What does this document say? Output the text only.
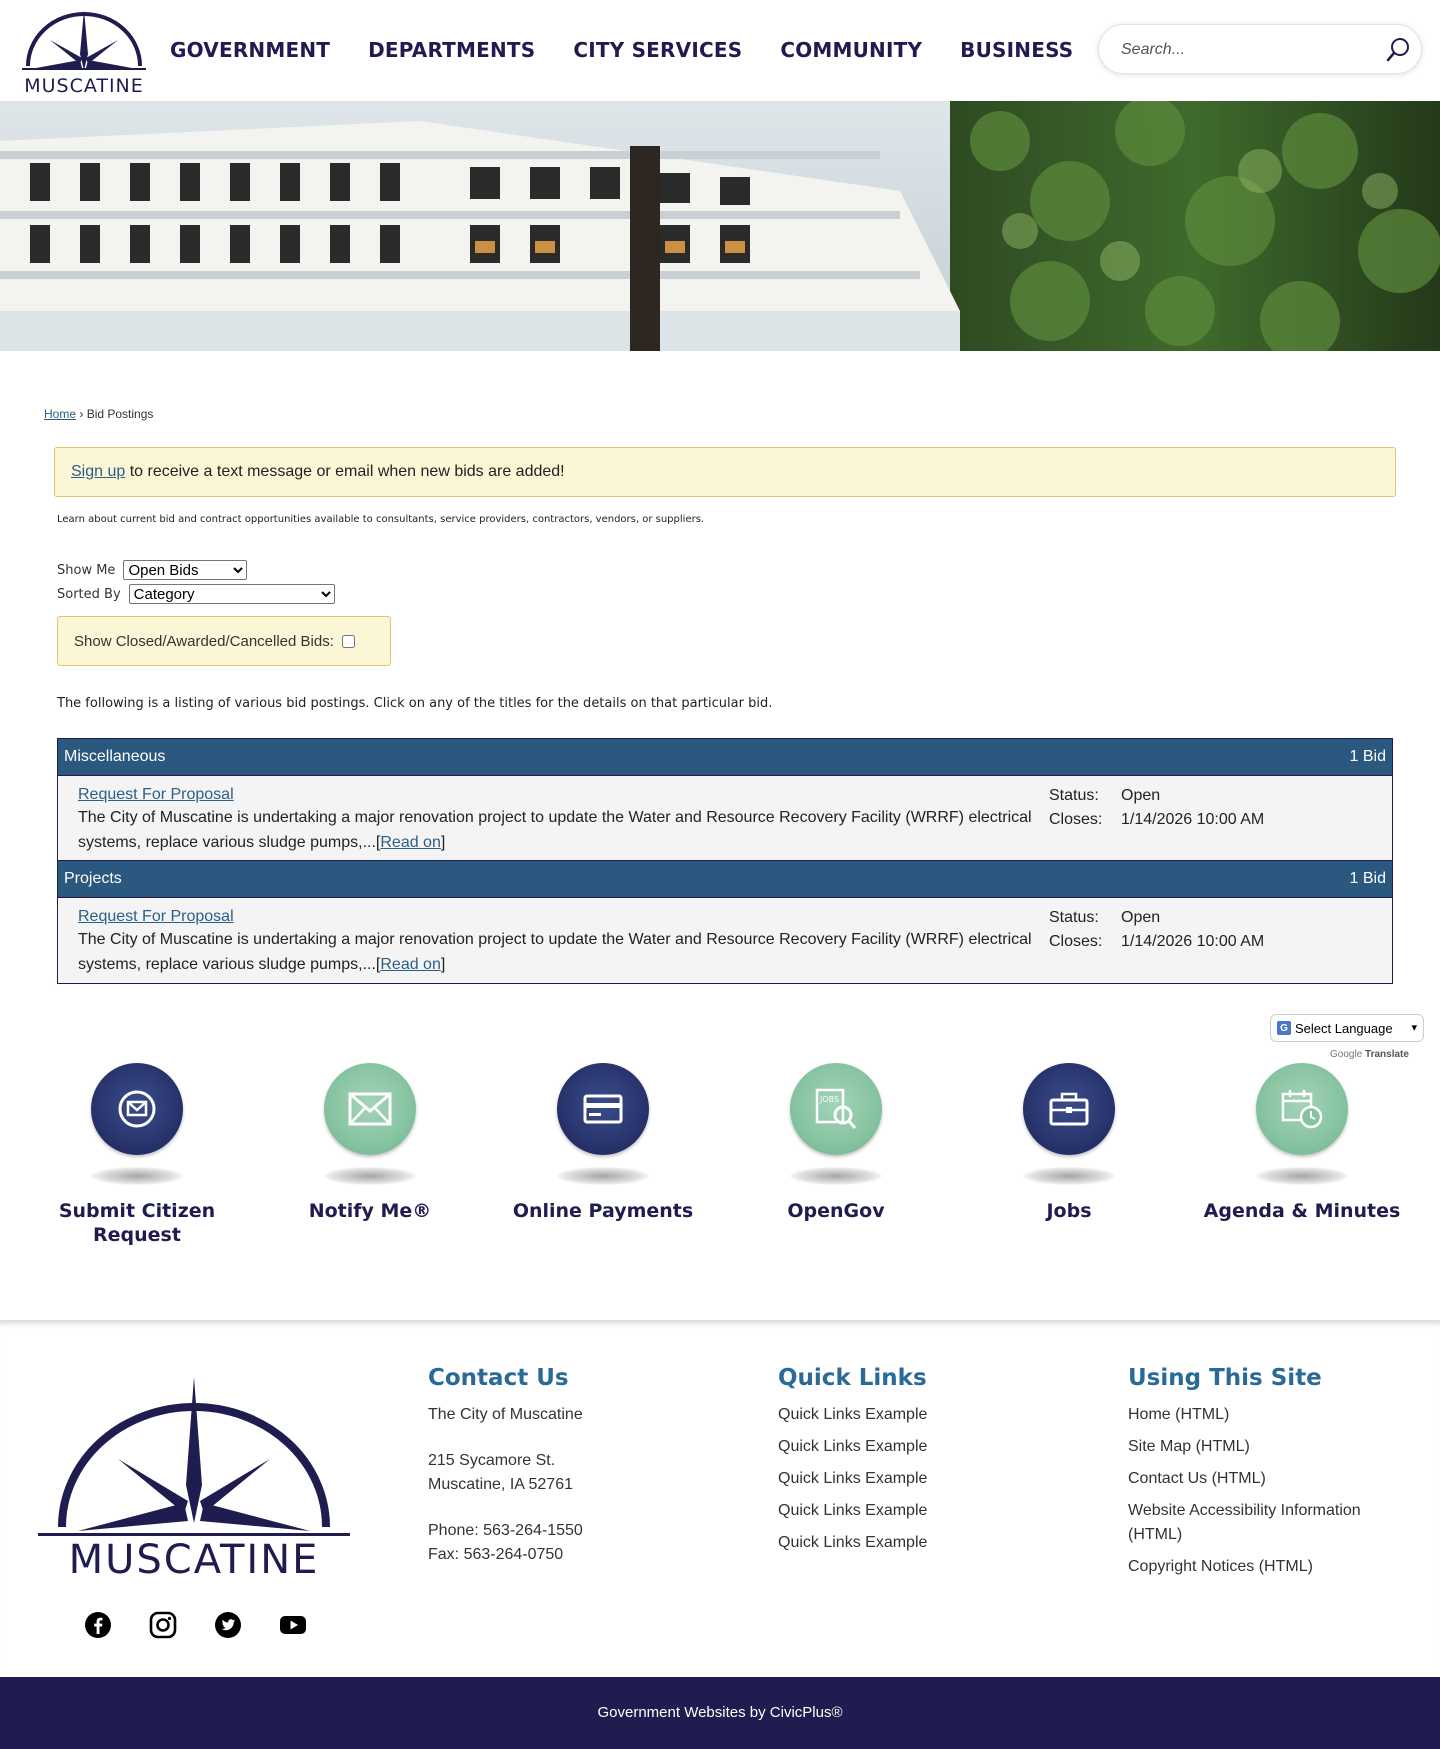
MUSCATINE
GOVERNMENT DEPARTMENTS CITY SERVICES COMMUNITY BUSINESS
Search...
Home › Bid Postings
Sign up to receive a text message or email when new bids are added!
Learn about current bid and contract opportunities available to consultants, service providers, contractors, vendors, or suppliers.
Show Me
Open Bids
Sorted By
Category
Show Closed/Awarded/Cancelled Bids:
The following is a listing of various bid postings. Click on any of the titles for the details on that particular bid.
Miscellaneous	1 Bid
Request For Proposal
The City of Muscatine is undertaking a major renovation project to update the Water and Resource Recovery Facility (WRRF) electrical systems, replace various sludge pumps,...[Read on]
Status: Open
Closes: 1/14/2026 10:00 AM
Projects	1 Bid
Request For Proposal
The City of Muscatine is undertaking a major renovation project to update the Water and Resource Recovery Facility (WRRF) electrical systems, replace various sludge pumps,...[Read on]
Status: Open
Closes: 1/14/2026 10:00 AM
G Select Language ▾
Google Translate
Submit Citizen Request
Notify Me®	Online Payments
JOBS
OpenGov	Jobs	Agenda & Minutes
MUSCATINE
Contact Us

The City of Muscatine

215 Sycamore St.

Muscatine, IA 52761

Phone: 563-264-1550

Fax: 563-264-0750

Quick Links
Quick Links Example
Quick Links Example
Quick Links Example
Quick Links Example
Quick Links Example
Using This Site
Home (HTML)
Site Map (HTML)
Contact Us (HTML)
Website Accessibility Information (HTML)
Copyright Notices (HTML)
Government Websites by CivicPlus®
